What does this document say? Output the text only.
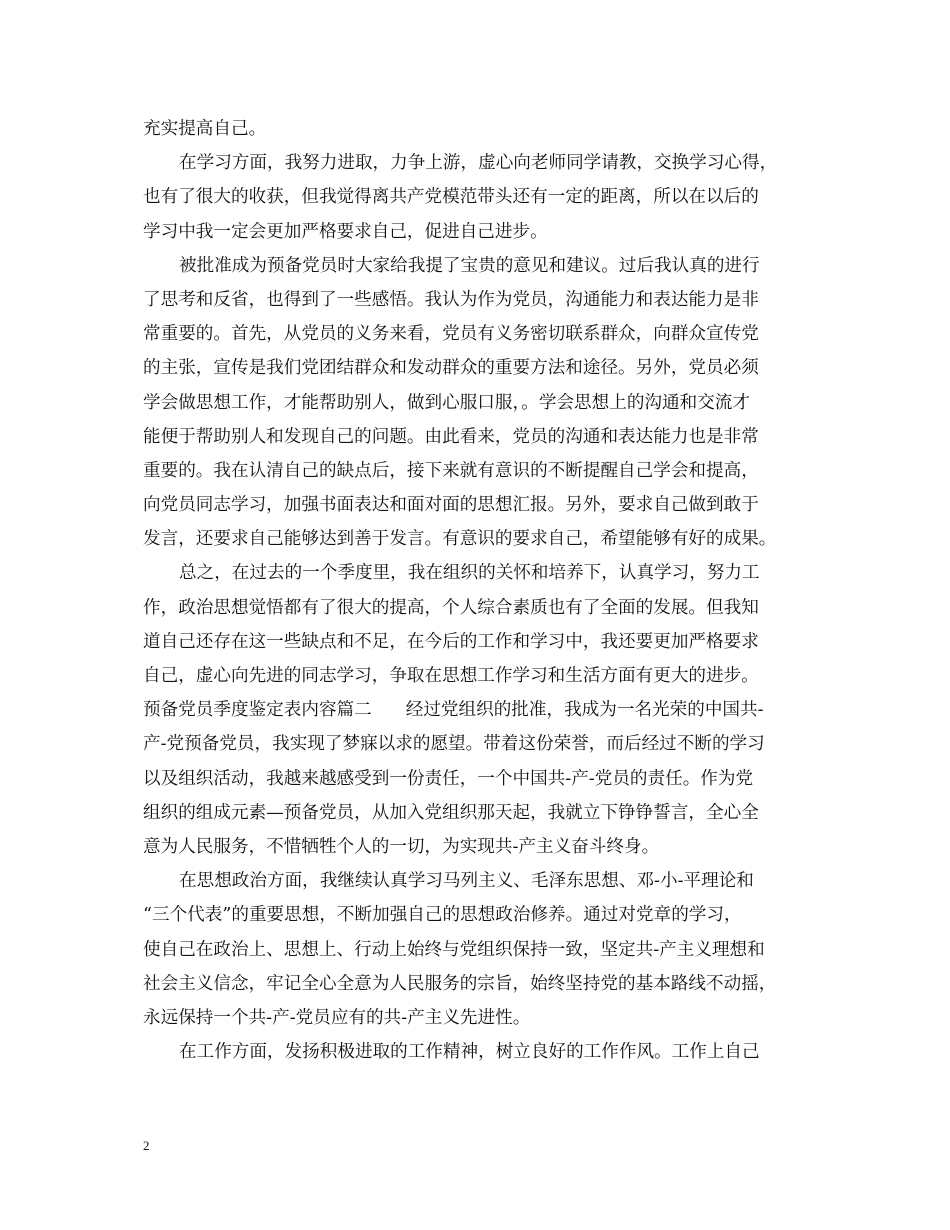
充实提高自己。
在学习方面，我努力进取，力争上游，虚心向老师同学请教，交换学习心得，
也有了很大的收获，但我觉得离共产党模范带头还有一定的距离，所以在以后的
学习中我一定会更加严格要求自己，促进自己进步。
被批准成为预备党员时大家给我提了宝贵的意见和建议。过后我认真的进行
了思考和反省，也得到了一些感悟。我认为作为党员，沟通能力和表达能力是非
常重要的。首先，从党员的义务来看，党员有义务密切联系群众，向群众宣传党
的主张，宣传是我们党团结群众和发动群众的重要方法和途径。另外，党员必须
学会做思想工作，才能帮助别人，做到心服口服，。学会思想上的沟通和交流才
能便于帮助别人和发现自己的问题。由此看来，党员的沟通和表达能力也是非常
重要的。我在认清自己的缺点后，接下来就有意识的不断提醒自己学会和提高，
向党员同志学习，加强书面表达和面对面的思想汇报。另外，要求自己做到敢于
发言，还要求自己能够达到善于发言。有意识的要求自己，希望能够有好的成果。
总之，在过去的一个季度里，我在组织的关怀和培养下，认真学习，努力工
作，政治思想觉悟都有了很大的提高，个人综合素质也有了全面的发展。但我知
道自己还存在这一些缺点和不足，在今后的工作和学习中，我还要更加严格要求
自己，虚心向先进的同志学习，争取在思想工作学习和生活方面有更大的进步。
预备党员季度鉴定表内容篇二 经过党组织的批准，我成为一名光荣的中国共-
产-党预备党员，我实现了梦寐以求的愿望。带着这份荣誉，而后经过不断的学习
以及组织活动，我越来越感受到一份责任，一个中国共-产-党员的责任。作为党
组织的组成元素—预备党员，从加入党组织那天起，我就立下铮铮誓言，全心全
意为人民服务，不惜牺牲个人的一切，为实现共-产主义奋斗终身。
在思想政治方面，我继续认真学习马列主义、毛泽东思想、邓-小-平理论和
“三个代表”的重要思想，不断加强自己的思想政治修养。通过对党章的学习，
使自己在政治上、思想上、行动上始终与党组织保持一致，坚定共-产主义理想和
社会主义信念，牢记全心全意为人民服务的宗旨，始终坚持党的基本路线不动摇，
永远保持一个共-产-党员应有的共-产主义先进性。
在工作方面，发扬积极进取的工作精神，树立良好的工作作风。工作上自己
2
